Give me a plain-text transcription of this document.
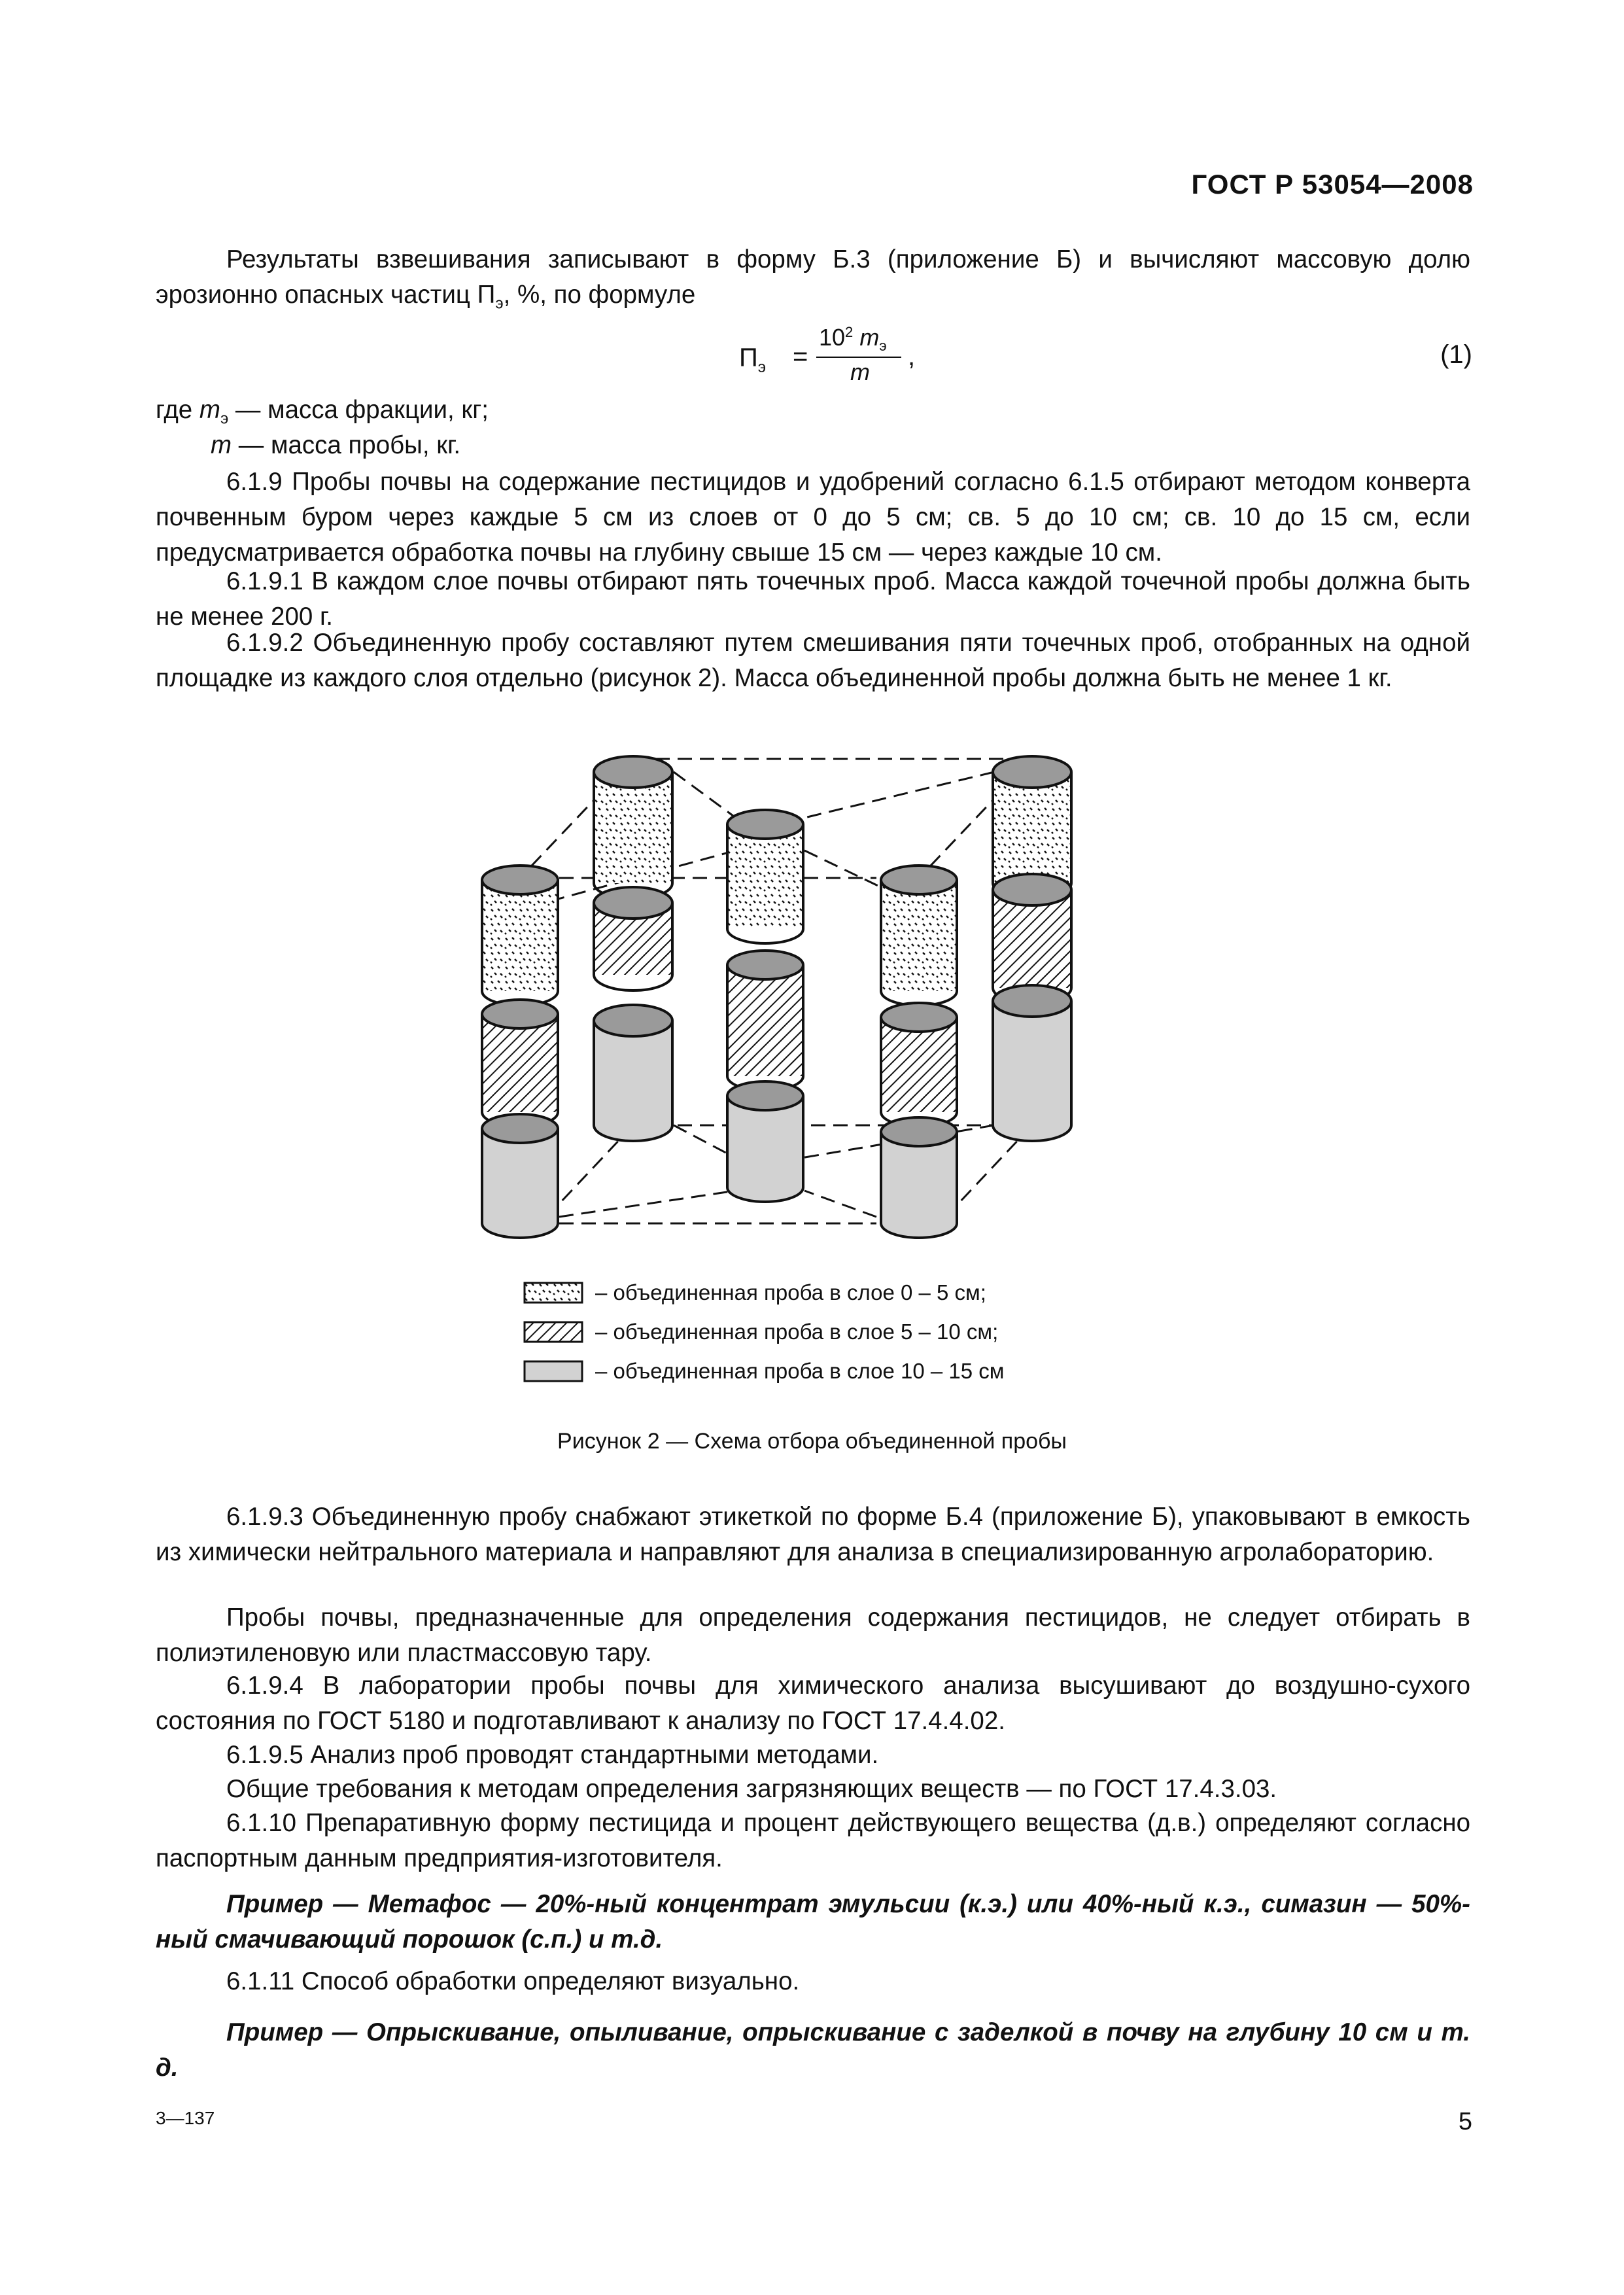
ГОСТ Р 53054—2008
Результаты взвешивания записывают в форму Б.3 (приложение Б) и вычисляют массовую долю эрозионно опасных частиц $П_э$, %, по формуле
$П_э$ =
$10^2$ $m_э$
m
,	(1)
где $m_э$ — масса фракции, кг;
m — масса пробы, кг.
6.1.9 Пробы почвы на содержание пестицидов и удобрений согласно 6.1.5 отбирают методом конверта почвенным буром через каждые 5 см из слоев от 0 до 5 см; св. 5 до 10 см; св. 10 до 15 см, если предусматривается обработка почвы на глубину свыше 15 см — через каждые 10 см.
6.1.9.1 В каждом слое почвы отбирают пять точечных проб. Масса каждой точечной пробы должна быть не менее 200 г.
6.1.9.2 Объединенную пробу составляют путем смешивания пяти точечных проб, отобранных на одной площадке из каждого слоя отдельно (рисунок 2). Масса объединенной пробы должна быть не менее 1 кг.
– объединенная проба в слое 0 – 5 см;
– объединенная проба в слое 5 – 10 см;
– объединенная проба в слое 10 – 15 см
Рисунок 2 — Схема отбора объединенной пробы
6.1.9.3 Объединенную пробу снабжают этикеткой по форме Б.4 (приложение Б), упаковывают в емкость из химически нейтрального материала и направляют для анализа в специализированную агролабораторию.
Пробы почвы, предназначенные для определения содержания пестицидов, не следует отбирать в полиэтиленовую или пластмассовую тару.
6.1.9.4 В лаборатории пробы почвы для химического анализа высушивают до воздушно-сухого состояния по ГОСТ 5180 и подготавливают к анализу по ГОСТ 17.4.4.02.
6.1.9.5 Анализ проб проводят стандартными методами.
Общие требования к методам определения загрязняющих веществ — по ГОСТ 17.4.3.03.
6.1.10 Препаративную форму пестицида и процент действующего вещества (д.в.) определяют согласно паспортным данным предприятия-изготовителя.
Пример — Метафос — 20%-ный концентрат эмульсии (к.э.) или 40%-ный к.э., симазин — 50%-ный смачивающий порошок (с.п.) и т.д.
6.1.11 Способ обработки определяют визуально.
Пример — Опрыскивание, опыливание, опрыскивание с заделкой в почву на глубину 10 см и т. д.
3—137	5
